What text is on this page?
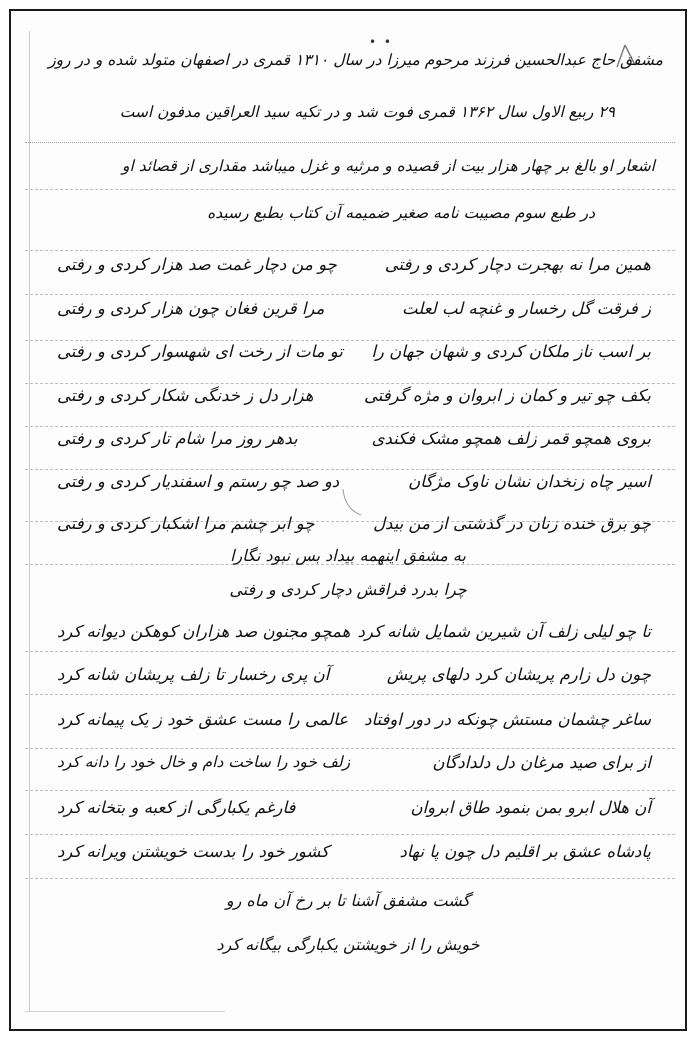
• •
مشفق حاج عبدالحسین فرزند مرحوم میرزا در سال ۱۳۱۰ قمری در اصفهان متولد شده و در روز
۲۹ ربیع الاول سال ۱۳۶۲ قمری فوت شد و در تکیه سید العراقین مدفون است
اشعار او بالغ بر چهار هزار بیت از قصیده و مرثیه و غزل میباشد مقداری از قصائد او
در طبع سوم مصیبت نامه صغیر ضمیمه آن کتاب بطبع رسیده
همین مرا نه بهجرت دچار کردی و رفتی
چو من دچار غمت صد هزار کردی و رفتی
ز فرقت گل رخسار و غنچه لب لعلت
مرا قرین فغان چون هزار کردی و رفتی
بر اسب ناز ملکان کردی و شهان جهان را
تو مات از رخت ای شهسوار کردی و رفتی
بکف چو تیر و کمان ز ابروان و مژه گرفتی
هزار دل ز خدنگی شکار کردی و رفتی
بروی همچو قمر زلف همچو مشک فکندی
بدهر روز مرا شام تار کردی و رفتی
اسیر چاه زنخدان نشان ناوک مژگان
دو صد چو رستم و اسفندیار کردی و رفتی
چو برق خنده زنان در گذشتی از من بیدل
چو ابر چشم مرا اشکبار کردی و رفتی
به مشفق اینهمه بیداد بس نبود نگارا
چرا بدرد فراقش دچار کردی و رفتی
تا چو لیلی زلف آن شیرین شمایل شانه کرد
همچو مجنون صد هزاران کوهکن دیوانه کرد
چون دل زارم پریشان کرد دلهای پریش
آن پری رخسار تا زلف پریشان شانه کرد
ساغر چشمان مستش چونکه در دور اوفتاد
عالمی را مست عشق خود ز یک پیمانه کرد
از برای صید مرغان دل دلدادگان
زلف خود را ساخت دام و خال خود را دانه کرد
آن هلال ابرو بمن بنمود طاق ابروان
فارغم یکبارگی از کعبه و بتخانه کرد
پادشاه عشق بر اقلیم دل چون پا نهاد
کشور خود را بدست خویشتن ویرانه کرد
گشت مشفق آشنا تا بر رخ آن ماه رو
خویش را از خویشتن یکبارگی بیگانه کرد
